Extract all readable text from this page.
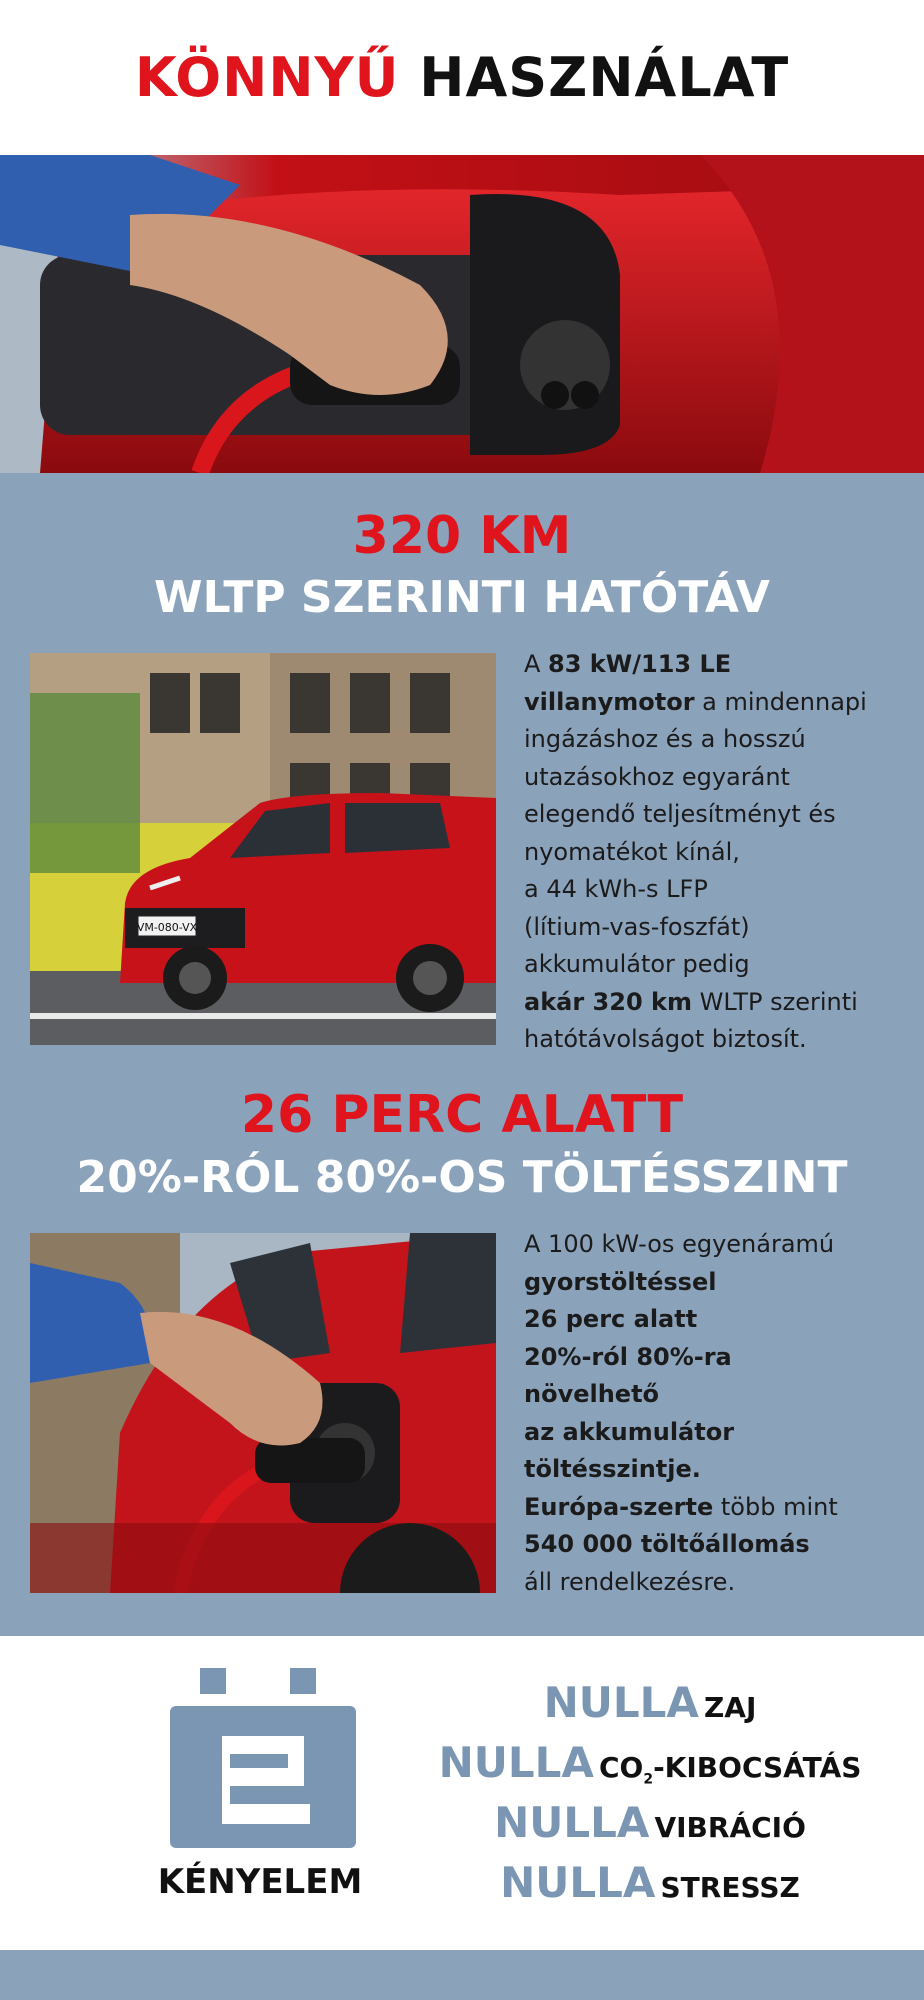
KÖNNYŰ HASZNÁLAT
320 KM
WLTP SZERINTI HATÓTÁV
VM-080-VX
A 83 kW/113 LE
villanymotor a mindennapi
ingázáshoz és a hosszú
utazásokhoz egyaránt
elegendő teljesítményt és
nyomatékot kínál,
a 44 kWh-s LFP
(lítium-vas-foszfát)
akkumulátor pedig
akár 320 km WLTP szerinti
hatótávolságot biztosít.
26 PERC ALATT
20%-RÓL 80%-OS TÖLTÉSSZINT
A 100 kW-os egyenáramú
gyorstöltéssel
26 perc alatt
20%-ról 80%-ra
növelhető
az akkumulátor
töltésszintje.
Európa-szerte több mint
540 000 töltőállomás
áll rendelkezésre.
KÉNYELEM
NULLA ZAJ
NULLA $CO_2$-KIBOCSÁTÁS
NULLA VIBRÁCIÓ
NULLA STRESSZ
